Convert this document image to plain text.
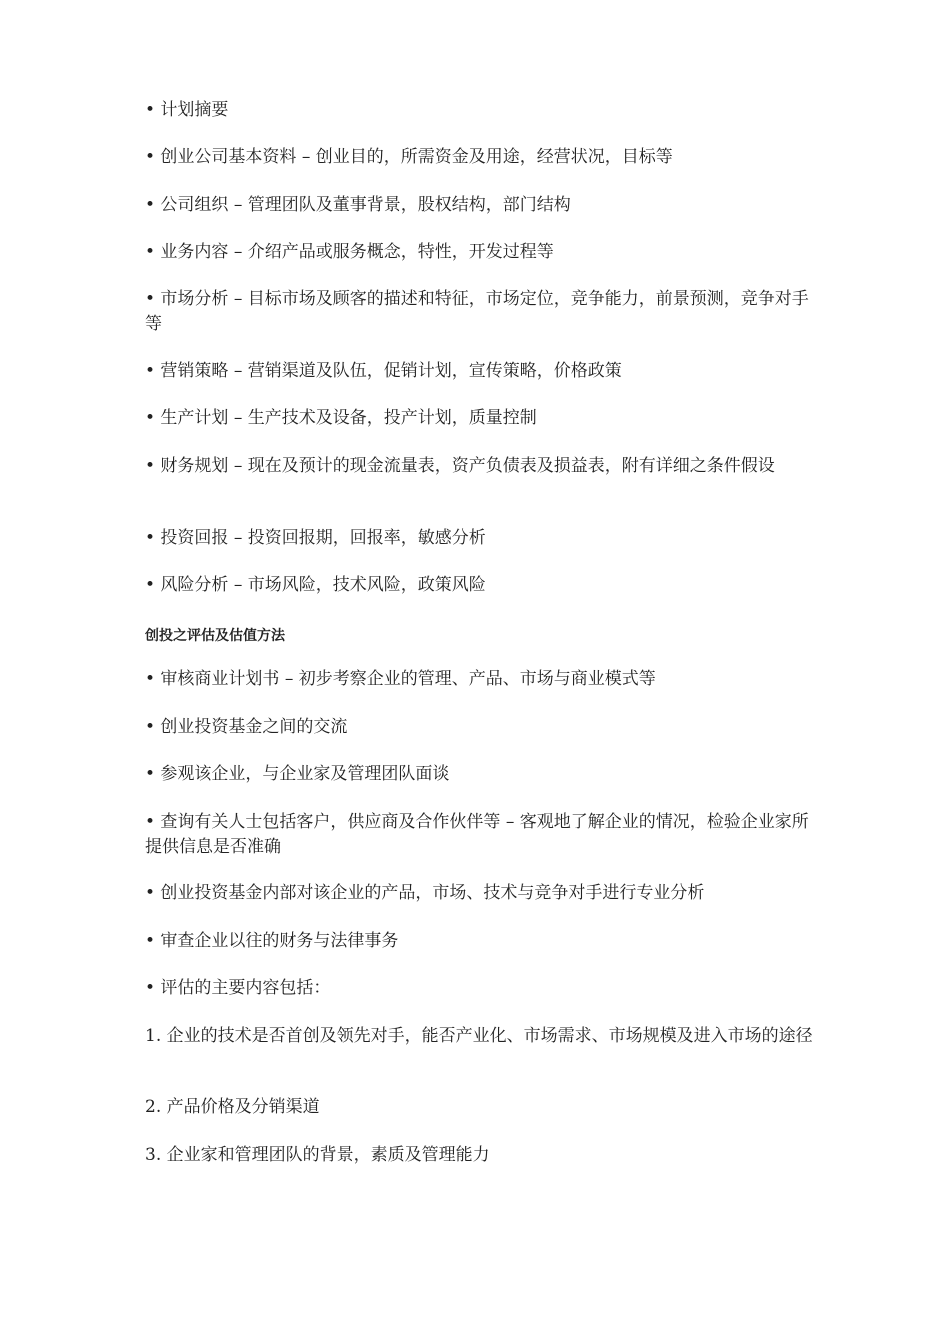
• 计划摘要
• 创业公司基本资料 – 创业目的，所需资金及用途，经营状况，目标等
• 公司组织 – 管理团队及董事背景，股权结构，部门结构
• 业务内容 – 介绍产品或服务概念，特性，开发过程等
• 市场分析 – 目标市场及顾客的描述和特征，市场定位，竞争能力，前景预测，竞争对手等
• 营销策略 – 营销渠道及队伍，促销计划，宣传策略，价格政策
• 生产计划 – 生产技术及设备，投产计划，质量控制
• 财务规划 – 现在及预计的现金流量表，资产负债表及损益表，附有详细之条件假设
• 投资回报 – 投资回报期，回报率，敏感分析
• 风险分析 – 市场风险，技术风险，政策风险
创投之评估及估值方法
• 审核商业计划书 – 初步考察企业的管理、产品、市场与商业模式等
• 创业投资基金之间的交流
• 参观该企业，与企业家及管理团队面谈
• 查询有关人士包括客户，供应商及合作伙伴等 – 客观地了解企业的情况，检验企业家所提供信息是否准确
• 创业投资基金内部对该企业的产品，市场、技术与竞争对手进行专业分析
• 审查企业以往的财务与法律事务
• 评估的主要内容包括：
1. 企业的技术是否首创及领先对手，能否产业化、市场需求、市场规模及进入市场的途径
2. 产品价格及分销渠道
3. 企业家和管理团队的背景，素质及管理能力
